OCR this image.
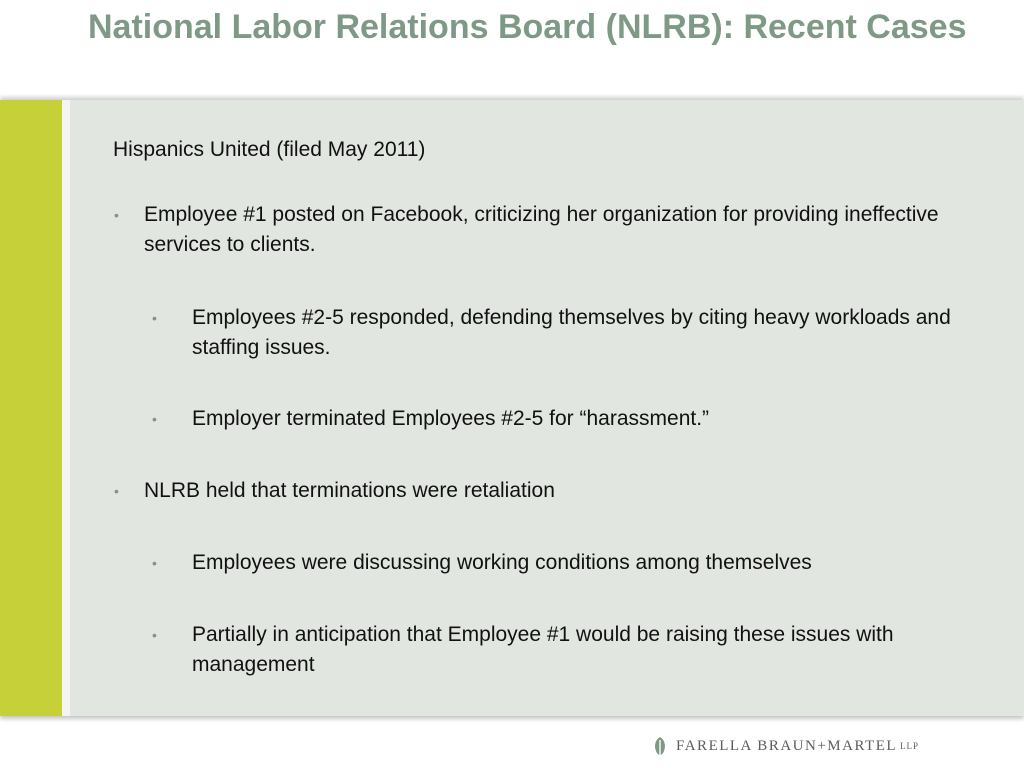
National Labor Relations Board (NLRB): Recent Cases

Hispanics United (filed May 2011)

• Employee #1 posted on Facebook, criticizing her organization for providing ineffective services to clients.
• Employees #2-5 responded, defending themselves by citing heavy workloads and staffing issues.
• Employer terminated Employees #2-5 for “harassment.”
• NLRB held that terminations were retaliation
• Employees were discussing working conditions among themselves
• Partially in anticipation that Employee #1 would be raising these issues with management
FARELLA BRAUN+MARTEL LLP
